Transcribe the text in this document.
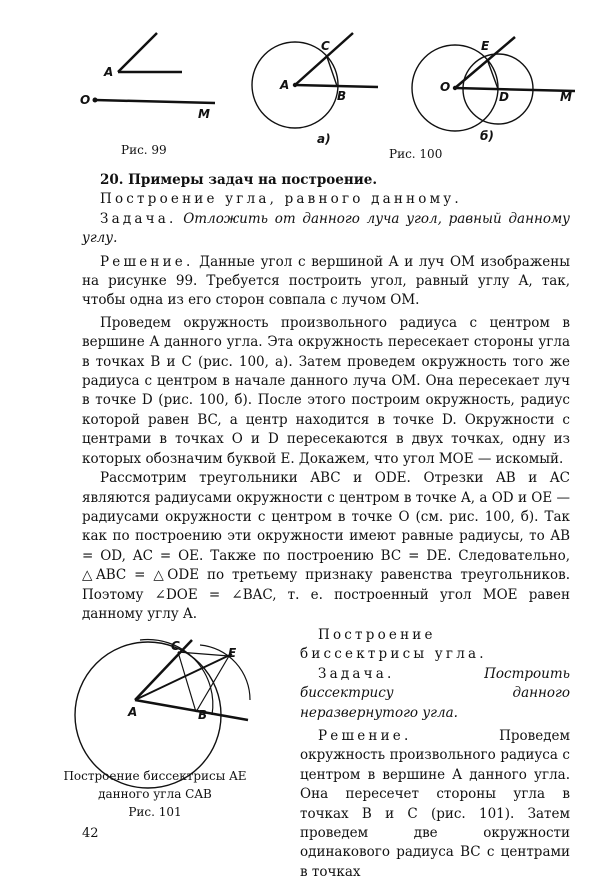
A
O
M
A
B
C
а)
O
D
E
M
б)
A	B
C	E
Рис. 99	Рис. 100

20. Примеры задач на построение.

Построение угла, равного данному.

Задача. Отложить от данного луча угол, равный данному углу.

Решение. Данные угол с вершиной A и луч OM изображены на рисунке 99. Требуется построить угол, равный углу A, так, чтобы одна из его сторон совпала с лучом OM.

Проведем окружность произвольного радиуса с центром в вершине A данного угла. Эта окружность пересекает стороны угла в точках B и C (рис. 100, а). Затем проведем окружность того же радиуса с центром в начале данного луча OM. Она пересекает луч в точке D (рис. 100, б). После этого построим окружность, радиус которой равен BC, а центр находится в точке D. Окружности с центрами в точках O и D пересекаются в двух точках, одну из которых обозначим буквой E. Докажем, что угол MOE — искомый.

Рассмотрим треугольники ABC и ODE. Отрезки AB и AC являются радиусами окружности с центром в точке A, а OD и OE — радиусами окружности с центром в точке O (см. рис. 100, б). Так как по построению эти окружности имеют равные радиусы, то AB = OD, AC = OE. Также по построению BC = DE. Следовательно, △ABC = △ODE по третьему признаку равенства треугольников. Поэтому ∠DOE = ∠BAC, т. е. построенный угол MOE равен данному углу A.

Построение биссектрисы угла.

Задача.	Построить биссектрису данного неразвернутого угла.

Решение.	Проведем окружность произвольного радиуса с центром в вершине A данного угла. Она пересечет стороны угла в точках B и C (рис. 101). Затем проведем две окружности одинакового радиуса BC с центрами в точках

Построение биссектрисы AE
данного угла CAB
Рис. 101
42
